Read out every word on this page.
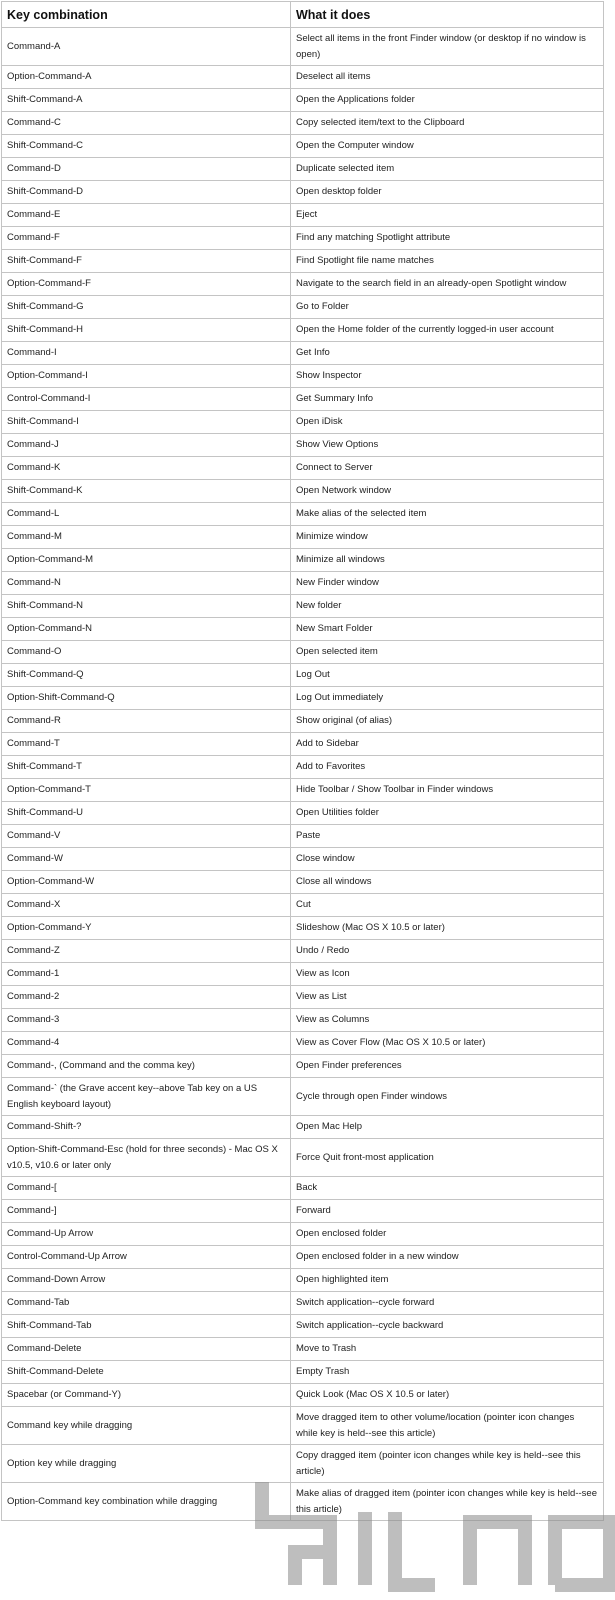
Key combination	What it does
Command-A	Select all items in the front Finder window (or desktop if no window is open)
Option-Command-A	Deselect all items
Shift-Command-A	Open the Applications folder
Command-C	Copy selected item/text to the Clipboard
Shift-Command-C	Open the Computer window
Command-D	Duplicate selected item
Shift-Command-D	Open desktop folder
Command-E	Eject
Command-F	Find any matching Spotlight attribute
Shift-Command-F	Find Spotlight file name matches
Option-Command-F	Navigate to the search field in an already-open Spotlight window
Shift-Command-G	Go to Folder
Shift-Command-H	Open the Home folder of the currently logged-in user account
Command-I	Get Info
Option-Command-I	Show Inspector
Control-Command-I	Get Summary Info
Shift-Command-I	Open iDisk
Command-J	Show View Options
Command-K	Connect to Server
Shift-Command-K	Open Network window
Command-L	Make alias of the selected item
Command-M	Minimize window
Option-Command-M	Minimize all windows
Command-N	New Finder window
Shift-Command-N	New folder
Option-Command-N	New Smart Folder
Command-O	Open selected item
Shift-Command-Q	Log Out
Option-Shift-Command-Q	Log Out immediately
Command-R	Show original (of alias)
Command-T	Add to Sidebar
Shift-Command-T	Add to Favorites
Option-Command-T	Hide Toolbar / Show Toolbar in Finder windows
Shift-Command-U	Open Utilities folder
Command-V	Paste
Command-W	Close window
Option-Command-W	Close all windows
Command-X	Cut
Option-Command-Y	Slideshow (Mac OS X 10.5 or later)
Command-Z	Undo / Redo
Command-1	View as Icon
Command-2	View as List
Command-3	View as Columns
Command-4	View as Cover Flow (Mac OS X 10.5 or later)
Command-, (Command and the comma key)	Open Finder preferences
Command-` (the Grave accent key--above Tab key on a US English keyboard layout)	Cycle through open Finder windows
Command-Shift-?	Open Mac Help
Option-Shift-Command-Esc (hold for three seconds) - Mac OS X v10.5, v10.6 or later only	Force Quit front-most application
Command-[	Back
Command-]	Forward
Command-Up Arrow	Open enclosed folder
Control-Command-Up Arrow	Open enclosed folder in a new window
Command-Down Arrow	Open highlighted item
Command-Tab	Switch application--cycle forward
Shift-Command-Tab	Switch application--cycle backward
Command-Delete	Move to Trash
Shift-Command-Delete	Empty Trash
Spacebar (or Command-Y)	Quick Look (Mac OS X 10.5 or later)
Command key while dragging	Move dragged item to other volume/location (pointer icon changes while key is held--see this article)
Option key while dragging	Copy dragged item (pointer icon changes while key is held--see this article)
Option-Command key combination while dragging	Make alias of dragged item (pointer icon changes while key is held--see this article)
